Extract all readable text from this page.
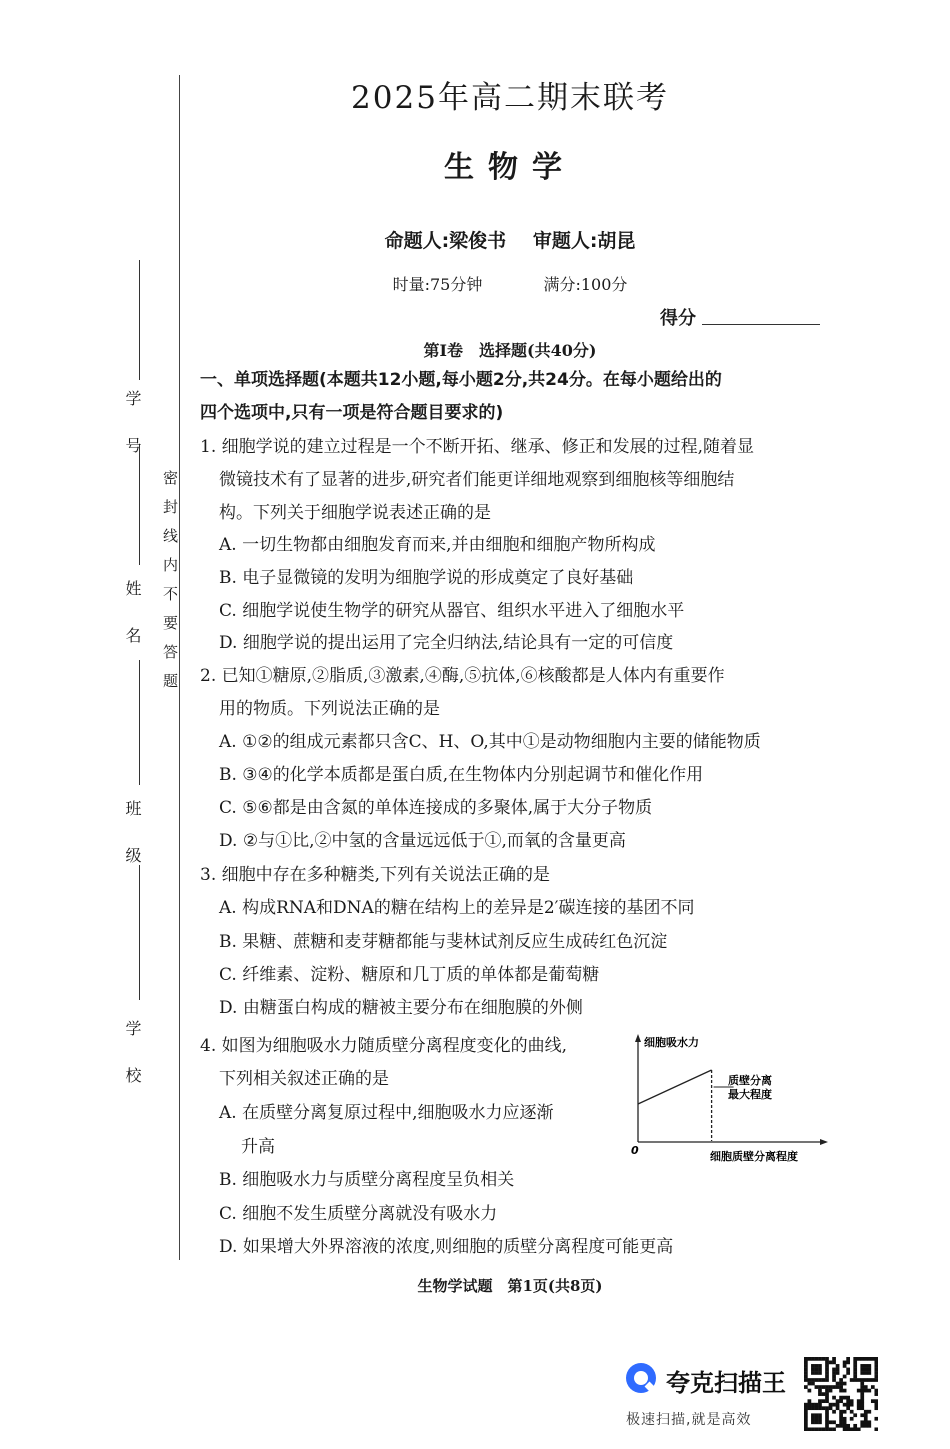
学 校
班 级
姓 名
学 号
密封线内不要答题
2025年高二期末联考
生物学
命题人:梁俊书 审题人:胡昆
时量:75分钟	满分:100分
得分
第Ⅰ卷　选择题(共40分)
一、单项选择题(本题共12小题,每小题2分,共24分。在每小题给出的
四个选项中,只有一项是符合题目要求的)
1. 细胞学说的建立过程是一个不断开拓、继承、修正和发展的过程,随着显
微镜技术有了显著的进步,研究者们能更详细地观察到细胞核等细胞结
构。下列关于细胞学说表述正确的是
A. 一切生物都由细胞发育而来,并由细胞和细胞产物所构成
B. 电子显微镜的发明为细胞学说的形成奠定了良好基础
C. 细胞学说使生物学的研究从器官、组织水平进入了细胞水平
D. 细胞学说的提出运用了完全归纳法,结论具有一定的可信度
2. 已知①糖原,②脂质,③激素,④酶,⑤抗体,⑥核酸都是人体内有重要作
用的物质。下列说法正确的是
A. ①②的组成元素都只含C、H、O,其中①是动物细胞内主要的储能物质
B. ③④的化学本质都是蛋白质,在生物体内分别起调节和催化作用
C. ⑤⑥都是由含氮的单体连接成的多聚体,属于大分子物质
D. ②与①比,②中氢的含量远远低于①,而氧的含量更高
3. 细胞中存在多种糖类,下列有关说法正确的是
A. 构成RNA和DNA的糖在结构上的差异是2′碳连接的基团不同
B. 果糖、蔗糖和麦芽糖都能与斐林试剂反应生成砖红色沉淀
C. 纤维素、淀粉、糖原和几丁质的单体都是葡萄糖
D. 由糖蛋白构成的糖被主要分布在细胞膜的外侧
4. 如图为细胞吸水力随质壁分离程度变化的曲线,
下列相关叙述正确的是
A. 在质壁分离复原过程中,细胞吸水力应逐渐
升高
B. 细胞吸水力与质壁分离程度呈负相关
C. 细胞不发生质壁分离就没有吸水力
D. 如果增大外界溶液的浓度,则细胞的质壁分离程度可能更高
细胞吸水力
细胞质壁分离程度
0
质壁分离
最大程度
生物学试题　第1页(共8页)
夸克扫描王
极速扫描,就是高效
